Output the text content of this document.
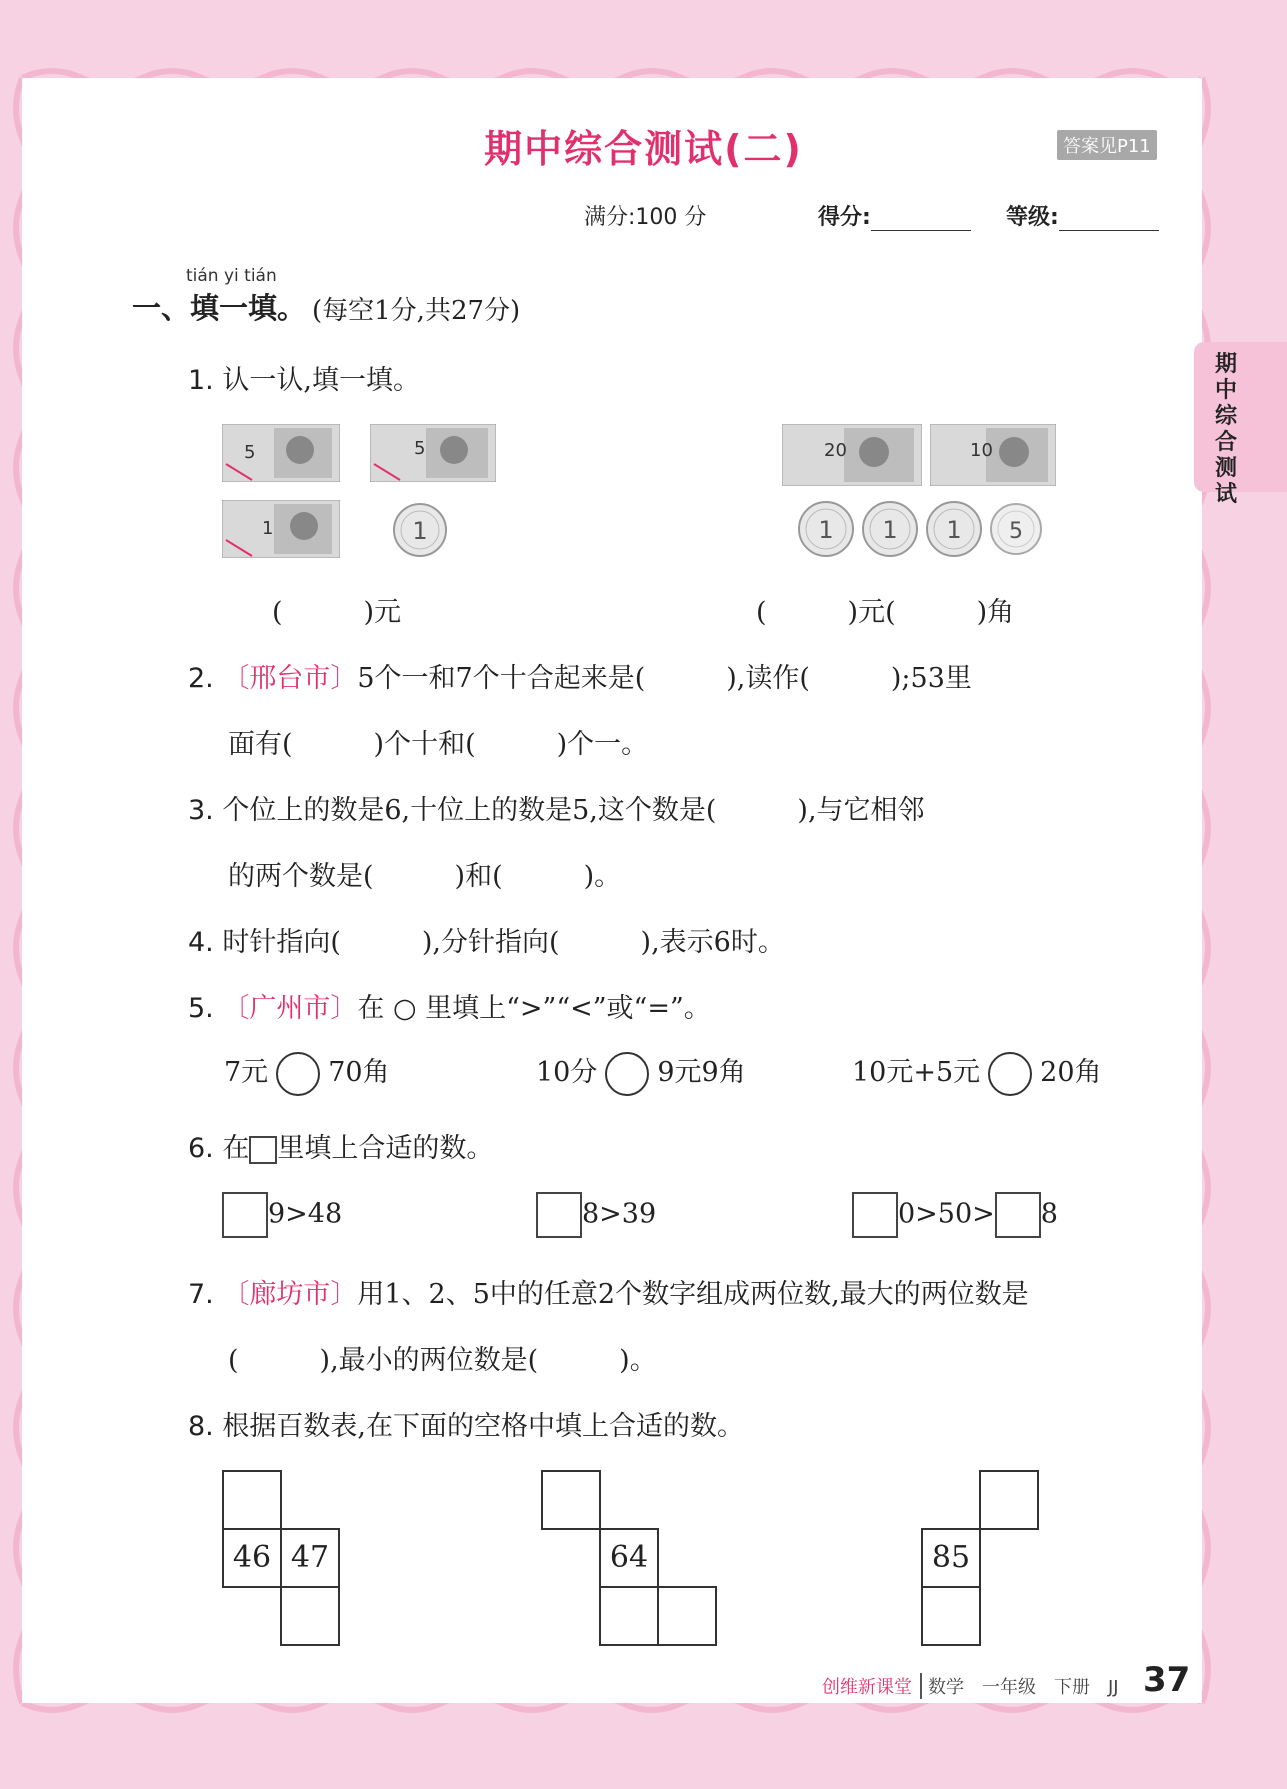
期中综合测试(二)	答案见P11
满分:100 分	得分:	等级:
期中综合测试
tián yi tián
一、填一填。 (每空1分,共27分)
1. 认一认,填一填。
5	5
1	1
20	10
1 1 1 5
(　　　)元	(　　　)元(　　　)角
2. 〔邢台市〕5个一和7个十合起来是(　　　),读作(　　　);53里
面有(　　　)个十和(　　　)个一。
3. 个位上的数是6,十位上的数是5,这个数是(　　　),与它相邻
的两个数是(　　　)和(　　　)。
4. 时针指向(　　　),分针指向(　　　),表示6时。
5. 〔广州市〕在 ○ 里填上“>”“<”或“=”。
7元 70角	10分 9元9角	10元+5元 20角
6. 在 里填上合适的数。
9>48	8>39	0>50> 8
7. 〔廊坊市〕用1、2、5中的任意2个数字组成两位数,最大的两位数是
(　　　),最小的两位数是(　　　)。
8. 根据百数表,在下面的空格中填上合适的数。
46 47	64	85
创维新课堂 数学　一年级　下册　JJ 37
